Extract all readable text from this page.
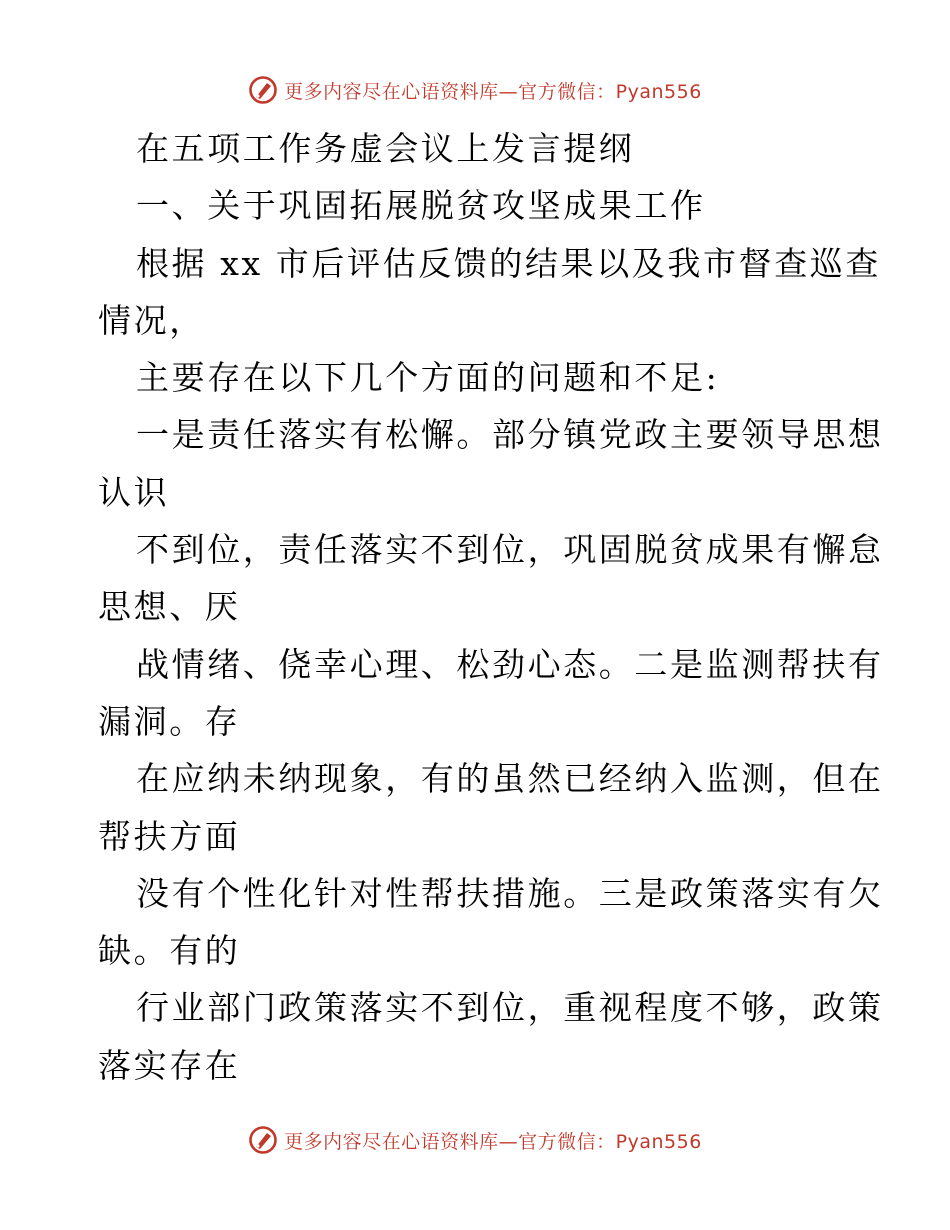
更多内容尽在心语资料库—官方微信：Pyan556
在五项工作务虚会议上发言提纲
一、关于巩固拓展脱贫攻坚成果工作
根据 xx 市后评估反馈的结果以及我市督查巡查
情况，
主要存在以下几个方面的问题和不足:
一是责任落实有松懈。部分镇党政主要领导思想
认识
不到位，责任落实不到位，巩固脱贫成果有懈怠
思想、厌
战情绪、侥幸心理、松劲心态。二是监测帮扶有
漏洞。存
在应纳未纳现象，有的虽然已经纳入监测，但在
帮扶方面
没有个性化针对性帮扶措施。三是政策落实有欠
缺。有的
行业部门政策落实不到位，重视程度不够，政策
落实存在
更多内容尽在心语资料库—官方微信：Pyan556
